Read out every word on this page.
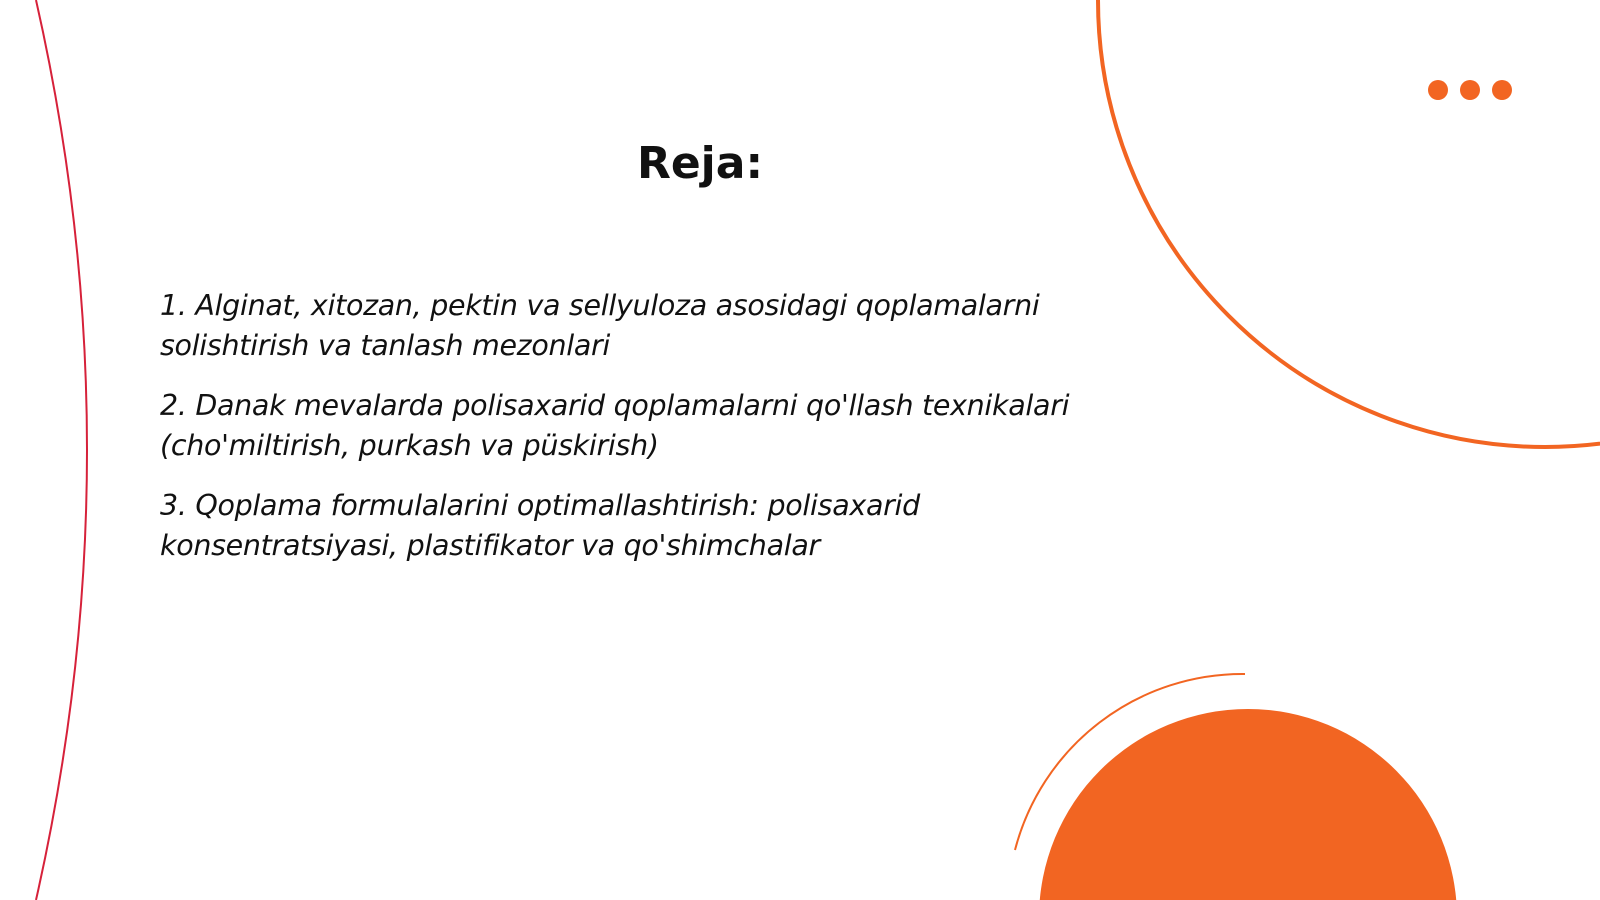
Reja:
1. Alginat, xitozan, pektin va sellyuloza asosidagi qoplamalarni solishtirish va tanlash mezonlari
2. Danak mevalarda polisaxarid qoplamalarni qo'llash texnikalari (cho'miltirish, purkash va püskirish)
3. Qoplama formulalarini optimallashtirish: polisaxarid konsentratsiyasi, plastifikator va qo'shimchalar
